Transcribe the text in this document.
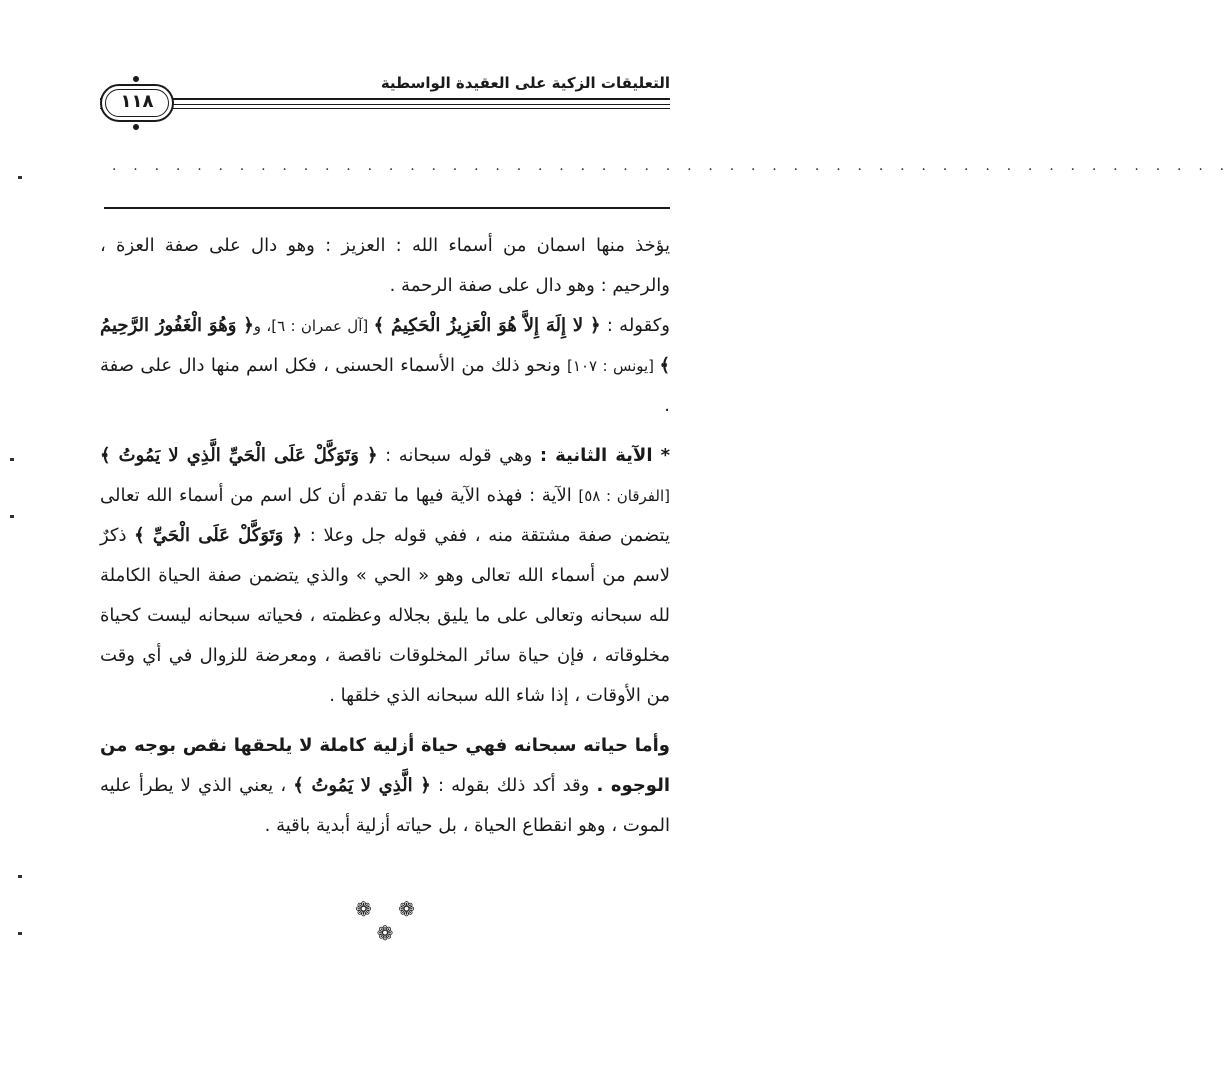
التعليقات الزكية على العقيدة الواسطية
١١٨
. . . . . . . . . . . . . . . . . . . . . . . . . . . . . . . . . . . . . . . . . . . . . . . . . . . . .

يؤخذ منها اسمان من أسماء الله : العزيز : وهو دال على صفة العزة ، والرحيم : وهو دال على صفة الرحمة .

وكقوله : ﴿ لا إِلَهَ إِلاَّ هُوَ الْعَزِيزُ الْحَكِيمُ ﴾ [آل عمران : ٦]، و﴿ وَهُوَ الْغَفُورُ الرَّحِيمُ ﴾ [يونس : ١٠٧] ونحو ذلك من الأسماء الحسنى ، فكل اسم منها دال على صفة .

* الآية الثانية : وهي قوله سبحانه : ﴿ وَتَوَكَّلْ عَلَى الْحَيِّ الَّذِي لا يَمُوتُ ﴾ [الفرقان : ٥٨] الآية : فهذه الآية فيها ما تقدم أن كل اسم من أسماء الله تعالى يتضمن صفة مشتقة منه ، ففي قوله جل وعلا : ﴿ وَتَوَكَّلْ عَلَى الْحَيِّ ﴾ ذكرٌ لاسم من أسماء الله تعالى وهو « الحي » والذي يتضمن صفة الحياة الكاملة لله سبحانه وتعالى على ما يليق بجلاله وعظمته ، فحياته سبحانه ليست كحياة مخلوقاته ، فإن حياة سائر المخلوقات ناقصة ، ومعرضة للزوال في أي وقت من الأوقات ، إذا شاء الله سبحانه الذي خلقها .

وأما حياته سبحانه فهي حياة أزلية كاملة لا يلحقها نقص بوجه من الوجوه . وقد أكد ذلك بقوله : ﴿ الَّذِي لا يَمُوتُ ﴾ ، يعني الذي لا يطرأ عليه الموت ، وهو انقطاع الحياة ، بل حياته أزلية أبدية باقية .

❁ ❁ ❁
